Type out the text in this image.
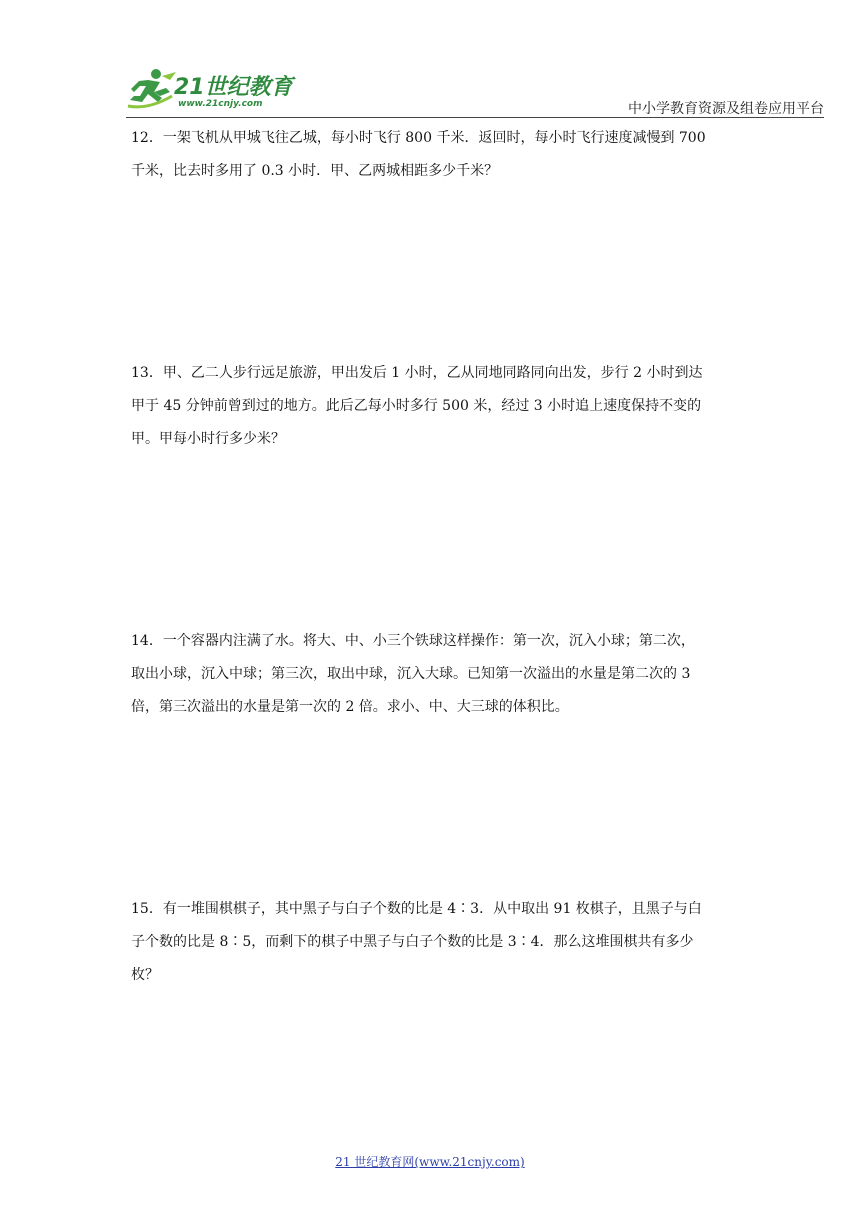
21世纪教育
www.21cnjy.com	中小学教育资源及组卷应用平台

12．一架飞机从甲城飞往乙城，每小时飞行 800 千米．返回时，每小时飞行速度减慢到 700

千米，比去时多用了 0.3 小时．甲、乙两城相距多少千米？

13．甲、乙二人步行远足旅游，甲出发后 1 小时，乙从同地同路同向出发，步行 2 小时到达

甲于 45 分钟前曾到过的地方。此后乙每小时多行 500 米，经过 3 小时追上速度保持不变的

甲。甲每小时行多少米？

14．一个容器内注满了水。将大、中、小三个铁球这样操作：第一次，沉入小球；第二次，

取出小球，沉入中球；第三次，取出中球，沉入大球。已知第一次溢出的水量是第二次的 3

倍，第三次溢出的水量是第一次的 2 倍。求小、中、大三球的体积比。

15．有一堆围棋棋子，其中黑子与白子个数的比是 4∶3．从中取出 91 枚棋子，且黑子与白

子个数的比是 8∶5，而剩下的棋子中黑子与白子个数的比是 3∶4．那么这堆围棋共有多少

枚？

21 世纪教育网(www.21cnjy.com)
